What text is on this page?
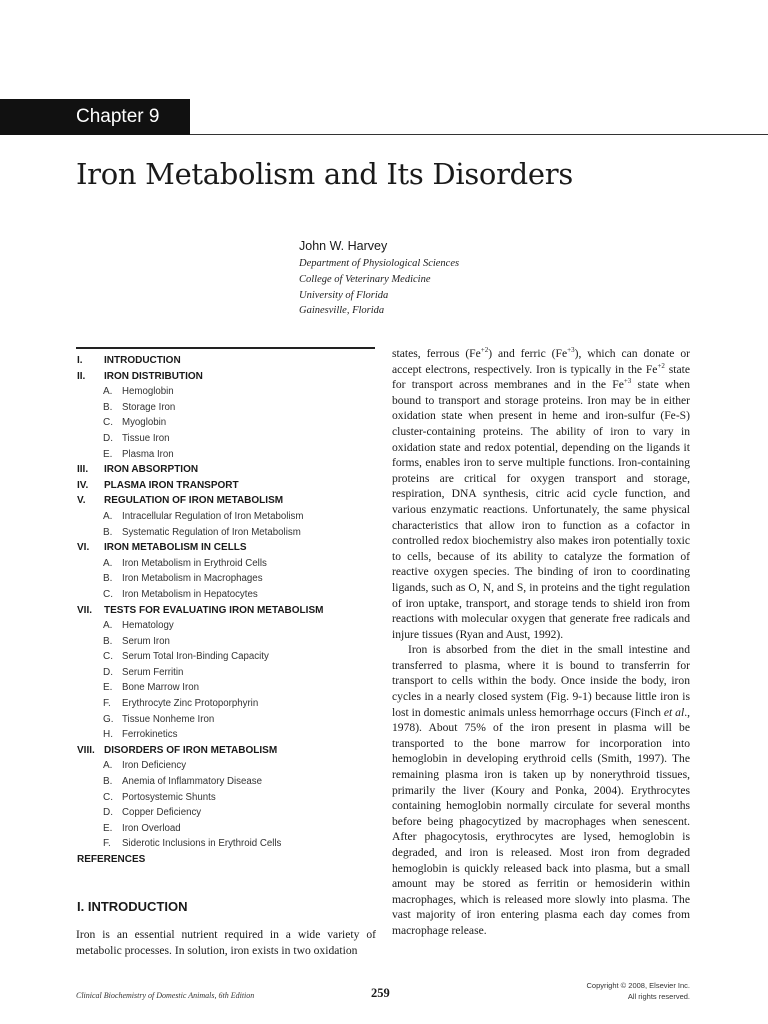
Chapter 9
Iron Metabolism and Its Disorders
John W. Harvey
Department of Physiological Sciences
College of Veterinary Medicine
University of Florida
Gainesville, Florida
I. INTRODUCTION
II. IRON DISTRIBUTION
A. Hemoglobin
B. Storage Iron
C. Myoglobin
D. Tissue Iron
E. Plasma Iron
III. IRON ABSORPTION
IV. PLASMA IRON TRANSPORT
V. REGULATION OF IRON METABOLISM
A. Intracellular Regulation of Iron Metabolism
B. Systematic Regulation of Iron Metabolism
VI. IRON METABOLISM IN CELLS
A. Iron Metabolism in Erythroid Cells
B. Iron Metabolism in Macrophages
C. Iron Metabolism in Hepatocytes
VII. TESTS FOR EVALUATING IRON METABOLISM
A. Hematology
B. Serum Iron
C. Serum Total Iron-Binding Capacity
D. Serum Ferritin
E. Bone Marrow Iron
F. Erythrocyte Zinc Protoporphyrin
G. Tissue Nonheme Iron
H. Ferrokinetics
VIII. DISORDERS OF IRON METABOLISM
A. Iron Deficiency
B. Anemia of Inflammatory Disease
C. Portosystemic Shunts
D. Copper Deficiency
E. Iron Overload
F. Siderotic Inclusions in Erythroid Cells
REFERENCES
I. INTRODUCTION

Iron is an essential nutrient required in a wide variety of metabolic processes. In solution, iron exists in two oxidation

states, ferrous $(Fe^{+2})$ and ferric $(Fe^{+3})$, which can donate or accept electrons, respectively. Iron is typically in the $Fe^{+2}$ state for transport across membranes and in the $Fe^{+3}$ state when bound to transport and storage proteins. Iron may be in either oxidation state when present in heme and iron-sulfur (Fe-S) cluster-containing proteins. The ability of iron to vary in oxidation state and redox potential, depending on the ligands it forms, enables iron to serve multiple functions. Iron-containing proteins are critical for oxygen transport and storage, respiration, DNA synthesis, citric acid cycle function, and various enzymatic reactions. Unfortunately, the same physical characteristics that allow iron to function as a cofactor in controlled redox biochemistry also makes iron potentially toxic to cells, because of its ability to catalyze the formation of reactive oxygen species. The binding of iron to coordinating ligands, such as O, N, and S, in proteins and the tight regulation of iron uptake, transport, and storage tends to shield iron from reactions with molecular oxygen that generate free radicals and injure tissues (Ryan and Aust, 1992).

Iron is absorbed from the diet in the small intestine and transferred to plasma, where it is bound to transferrin for transport to cells within the body. Once inside the body, iron cycles in a nearly closed system (Fig. 9-1) because little iron is lost in domestic animals unless hemorrhage occurs (Finch et al., 1978). About 75% of the iron present in plasma will be transported to the bone marrow for incorporation into hemoglobin in developing erythroid cells (Smith, 1997). The remaining plasma iron is taken up by nonerythroid tissues, primarily the liver (Koury and Ponka, 2004). Erythrocytes containing hemoglobin normally circulate for several months before being phagocytized by macrophages when senescent. After phagocytosis, erythrocytes are lysed, hemoglobin is degraded, and iron is released. Most iron from degraded hemoglobin is quickly released back into plasma, but a small amount may be stored as ferritin or hemosiderin within macrophages, which is released more slowly into plasma. The vast majority of iron entering plasma each day comes from macrophage release.

Clinical Biochemistry of Domestic Animals, 6th Edition	259
Copyright © 2008, Elsevier Inc.
All rights reserved.
